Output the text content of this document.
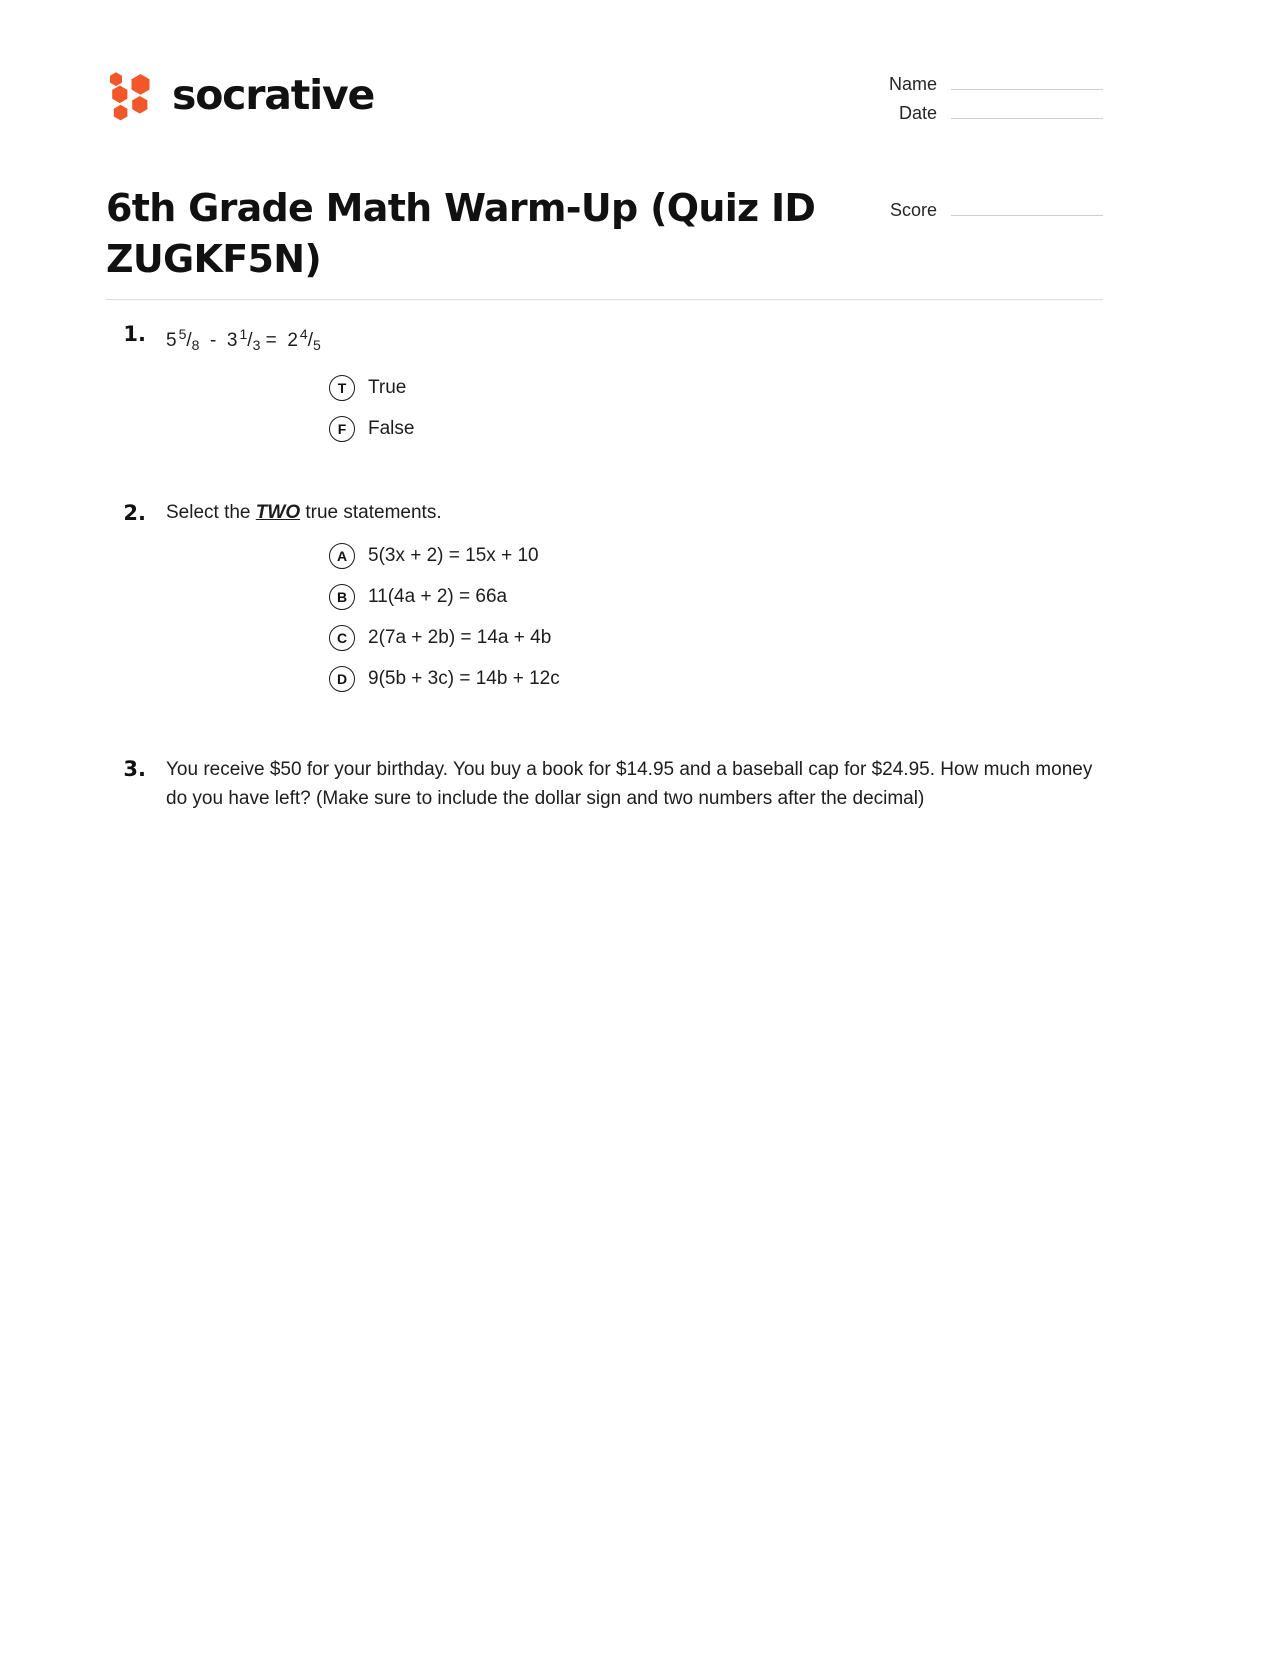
socrative
6th Grade Math Warm-Up (Quiz ID ZUGKF5N)
Name
Date
Score
1. 5 $^5/_8 - 3$ $^1/_3 = 2$ $^4/_5$
T	True
F	False
2. Select the TWO true statements.
A	5(3x + 2) = 15x + 10
B	11(4a + 2) = 66a
C	2(7a + 2b) = 14a + 4b
D	9(5b + 3c) = 14b + 12c
3. You receive $50 for your birthday. You buy a book for $14.95 and a baseball cap for $24.95. How much money do you have left? (Make sure to include the dollar sign and two numbers after the decimal)
